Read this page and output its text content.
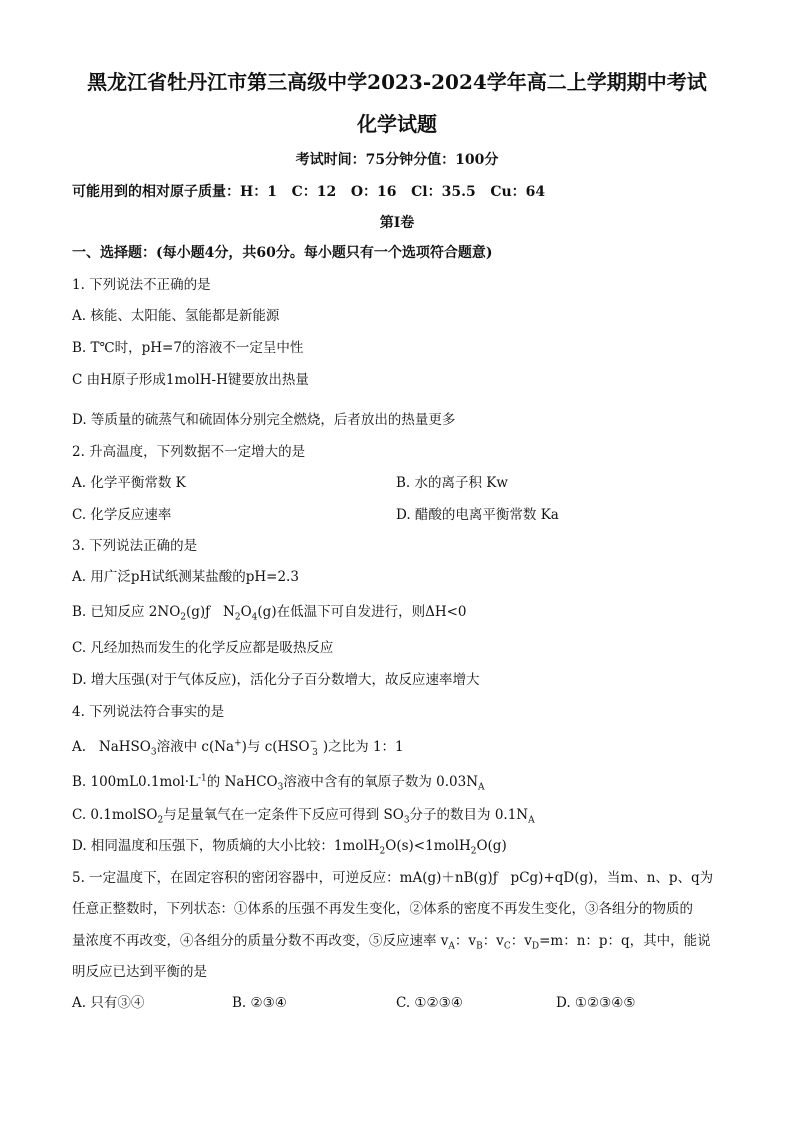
黑龙江省牡丹江市第三高级中学2023-2024学年高二上学期期中考试
化学试题
考试时间：75分钟分值：100分
可能用到的相对原子质量：H：1   C：12   O：16   Cl：35.5   Cu：64
第I卷
一、选择题：(每小题4分，共60分。每小题只有一个选项符合题意)
1. 下列说法不正确的是
A. 核能、太阳能、氢能都是新能源
B. T℃时，pH=7的溶液不一定呈中性
C 由H原子形成1molH-H键要放出热量
D. 等质量的硫蒸气和硫固体分别完全燃烧，后者放出的热量更多
2. 升高温度，下列数据不一定增大的是
A. 化学平衡常数 K	B. 水的离子积 Kw
C. 化学反应速率	D. 醋酸的电离平衡常数 Ka
3. 下列说法正确的是
A. 用广泛pH试纸测某盐酸的pH=2.3
B. 已知反应 $2NO_2(g)ƒ$   $N_2O_4(g)$在低温下可自发进行，则ΔH<0
C. 凡经加热而发生的化学反应都是吸热反应
D. 增大压强(对于气体反应)，活化分子百分数增大，故反应速率增大
4. 下列说法符合事实的是
A.   NaHSO$_3$溶液中 c(Na+)与 $c(HSO^-_3$ )之比为 1：1
B. $100mL0.1mol\cdot L^{-1}$的 NaHCO$_3$溶液中含有的氧原子数为 $0.03N_A$
C. 0.1molSO$_2$与足量氧气在一定条件下反应可得到 $SO_3$分子的数目为 $0.1N_A$
D. 相同温度和压强下，物质熵的大小比较：1molH$_2$O(s)<1molH$_2$O(g)
5. 一定温度下，在固定容积的密闭容器中，可逆反应：mA(g)＋nB(g)ƒ   pCg)+qD(g)，当m、n、p、q为
任意正整数时，下列状态：①体系的压强不再发生变化，②体系的密度不再发生变化，③各组分的物质的
量浓度不再改变，④各组分的质量分数不再改变，⑤反应速率 $v_A$：$v_B$：$v_C$：$v_D=m$：n：p：q，其中，能说
明反应已达到平衡的是
A. 只有③④	B. ②③④	C. ①②③④	D. ①②③④⑤
